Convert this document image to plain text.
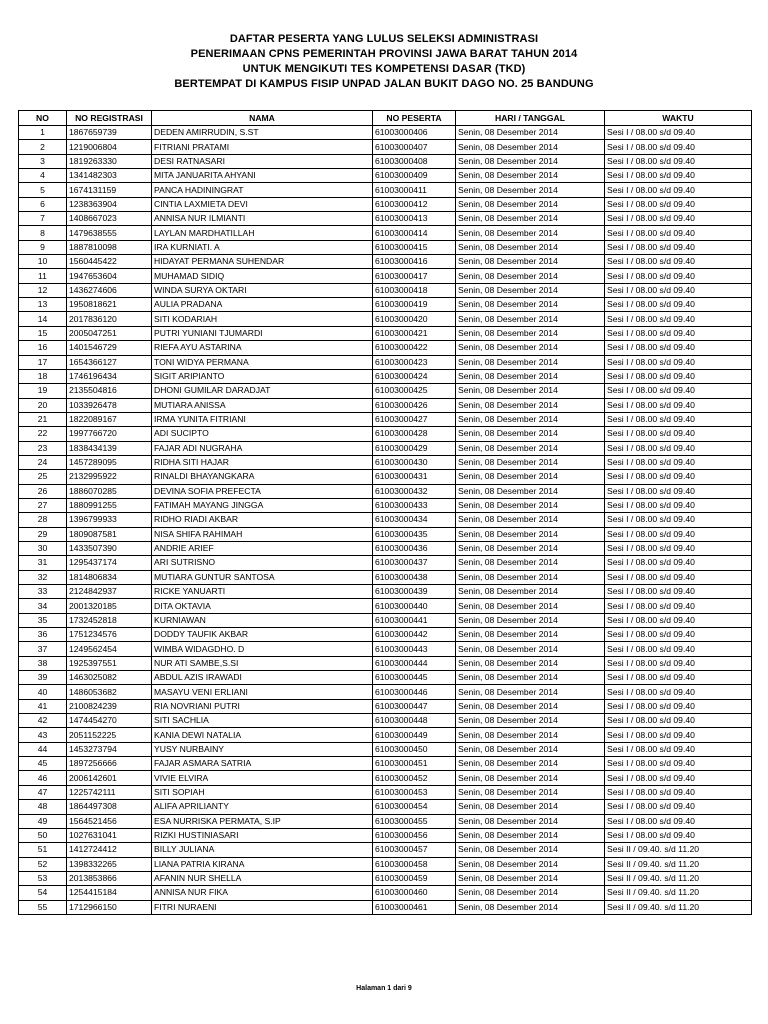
DAFTAR PESERTA YANG LULUS SELEKSI ADMINISTRASI
PENERIMAAN CPNS PEMERINTAH PROVINSI JAWA BARAT TAHUN 2014
UNTUK MENGIKUTI TES KOMPETENSI DASAR (TKD)
BERTEMPAT DI KAMPUS FISIP UNPAD JALAN BUKIT DAGO NO. 25 BANDUNG
NO	NO REGISTRASI	NAMA	NO PESERTA	HARI / TANGGAL	WAKTU
1	1867659739	DEDEN AMIRRUDIN, S.ST	61003000406	Senin, 08 Desember 2014	Sesi I / 08.00 s/d 09.40
2	1219006804	FITRIANI PRATAMI	61003000407	Senin, 08 Desember 2014	Sesi I / 08.00 s/d 09.40
3	1819263330	DESI RATNASARI	61003000408	Senin, 08 Desember 2014	Sesi I / 08.00 s/d 09.40
4	1341482303	MITA JANUARITA AHYANI	61003000409	Senin, 08 Desember 2014	Sesi I / 08.00 s/d 09.40
5	1674131159	PANCA HADININGRAT	61003000411	Senin, 08 Desember 2014	Sesi I / 08.00 s/d 09.40
6	1238363904	CINTIA LAXMIETA DEVI	61003000412	Senin, 08 Desember 2014	Sesi I / 08.00 s/d 09.40
7	1408667023	ANNISA NUR ILMIANTI	61003000413	Senin, 08 Desember 2014	Sesi I / 08.00 s/d 09.40
8	1479638555	LAYLAN MARDHATILLAH	61003000414	Senin, 08 Desember 2014	Sesi I / 08.00 s/d 09.40
9	1887810098	IRA KURNIATI. A	61003000415	Senin, 08 Desember 2014	Sesi I / 08.00 s/d 09.40
10	1560445422	HIDAYAT PERMANA SUHENDAR	61003000416	Senin, 08 Desember 2014	Sesi I / 08.00 s/d 09.40
11	1947653604	MUHAMAD SIDIQ	61003000417	Senin, 08 Desember 2014	Sesi I / 08.00 s/d 09.40
12	1436274606	WINDA SURYA OKTARI	61003000418	Senin, 08 Desember 2014	Sesi I / 08.00 s/d 09.40
13	1950818621	AULIA PRADANA	61003000419	Senin, 08 Desember 2014	Sesi I / 08.00 s/d 09.40
14	2017836120	SITI KODARIAH	61003000420	Senin, 08 Desember 2014	Sesi I / 08.00 s/d 09.40
15	2005047251	PUTRI YUNIANI TJUMARDI	61003000421	Senin, 08 Desember 2014	Sesi I / 08.00 s/d 09.40
16	1401546729	RIEFA AYU ASTARINA	61003000422	Senin, 08 Desember 2014	Sesi I / 08.00 s/d 09.40
17	1654366127	TONI WIDYA PERMANA	61003000423	Senin, 08 Desember 2014	Sesi I / 08.00 s/d 09.40
18	1746196434	SIGIT ARIPIANTO	61003000424	Senin, 08 Desember 2014	Sesi I / 08.00 s/d 09.40
19	2135504816	DHONI GUMILAR DARADJAT	61003000425	Senin, 08 Desember 2014	Sesi I / 08.00 s/d 09.40
20	1033926478	MUTIARA ANISSA	61003000426	Senin, 08 Desember 2014	Sesi I / 08.00 s/d 09.40
21	1822089167	IRMA YUNITA FITRIANI	61003000427	Senin, 08 Desember 2014	Sesi I / 08.00 s/d 09.40
22	1997766720	ADI SUCIPTO	61003000428	Senin, 08 Desember 2014	Sesi I / 08.00 s/d 09.40
23	1838434139	FAJAR ADI NUGRAHA	61003000429	Senin, 08 Desember 2014	Sesi I / 08.00 s/d 09.40
24	1457289095	RIDHA SITI HAJAR	61003000430	Senin, 08 Desember 2014	Sesi I / 08.00 s/d 09.40
25	2132995922	RINALDI BHAYANGKARA	61003000431	Senin, 08 Desember 2014	Sesi I / 08.00 s/d 09.40
26	1886070285	DEVINA SOFIA PREFECTA	61003000432	Senin, 08 Desember 2014	Sesi I / 08.00 s/d 09.40
27	1880991255	FATIMAH MAYANG JINGGA	61003000433	Senin, 08 Desember 2014	Sesi I / 08.00 s/d 09.40
28	1396799933	RIDHO RIADI AKBAR	61003000434	Senin, 08 Desember 2014	Sesi I / 08.00 s/d 09.40
29	1809087581	NISA SHIFA RAHIMAH	61003000435	Senin, 08 Desember 2014	Sesi I / 08.00 s/d 09.40
30	1433507390	ANDRIE ARIEF	61003000436	Senin, 08 Desember 2014	Sesi I / 08.00 s/d 09.40
31	1295437174	ARI SUTRISNO	61003000437	Senin, 08 Desember 2014	Sesi I / 08.00 s/d 09.40
32	1814806834	MUTIARA GUNTUR SANTOSA	61003000438	Senin, 08 Desember 2014	Sesi I / 08.00 s/d 09.40
33	2124842937	RICKE YANUARTI	61003000439	Senin, 08 Desember 2014	Sesi I / 08.00 s/d 09.40
34	2001320185	DITA OKTAVIA	61003000440	Senin, 08 Desember 2014	Sesi I / 08.00 s/d 09.40
35	1732452818	KURNIAWAN	61003000441	Senin, 08 Desember 2014	Sesi I / 08.00 s/d 09.40
36	1751234576	DODDY TAUFIK AKBAR	61003000442	Senin, 08 Desember 2014	Sesi I / 08.00 s/d 09.40
37	1249562454	WIMBA WIDAGDHO. D	61003000443	Senin, 08 Desember 2014	Sesi I / 08.00 s/d 09.40
38	1925397551	NUR ATI SAMBE,S.SI	61003000444	Senin, 08 Desember 2014	Sesi I / 08.00 s/d 09.40
39	1463025082	ABDUL AZIS IRAWADI	61003000445	Senin, 08 Desember 2014	Sesi I / 08.00 s/d 09.40
40	1486053682	MASAYU VENI ERLIANI	61003000446	Senin, 08 Desember 2014	Sesi I / 08.00 s/d 09.40
41	2100824239	RIA NOVRIANI PUTRI	61003000447	Senin, 08 Desember 2014	Sesi I / 08.00 s/d 09.40
42	1474454270	SITI SACHLIA	61003000448	Senin, 08 Desember 2014	Sesi I / 08.00 s/d 09.40
43	2051152225	KANIA DEWI NATALIA	61003000449	Senin, 08 Desember 2014	Sesi I / 08.00 s/d 09.40
44	1453273794	YUSY NURBAINY	61003000450	Senin, 08 Desember 2014	Sesi I / 08.00 s/d 09.40
45	1897256666	FAJAR ASMARA SATRIA	61003000451	Senin, 08 Desember 2014	Sesi I / 08.00 s/d 09.40
46	2006142601	VIVIE ELVIRA	61003000452	Senin, 08 Desember 2014	Sesi I / 08.00 s/d 09.40
47	1225742111	SITI SOPIAH	61003000453	Senin, 08 Desember 2014	Sesi I / 08.00 s/d 09.40
48	1864497308	ALIFA APRILIANTY	61003000454	Senin, 08 Desember 2014	Sesi I / 08.00 s/d 09.40
49	1564521456	ESA NURRISKA PERMATA, S.IP	61003000455	Senin, 08 Desember 2014	Sesi I / 08.00 s/d 09.40
50	1027631041	RIZKI HUSTINIASARI	61003000456	Senin, 08 Desember 2014	Sesi I / 08.00 s/d 09.40
51	1412724412	BILLY JULIANA	61003000457	Senin, 08 Desember 2014	Sesi II / 09.40. s/d 11.20
52	1398332265	LIANA PATRIA KIRANA	61003000458	Senin, 08 Desember 2014	Sesi II / 09.40. s/d 11.20
53	2013853866	AFANIN NUR SHELLA	61003000459	Senin, 08 Desember 2014	Sesi II / 09.40. s/d 11.20
54	1254415184	ANNISA NUR FIKA	61003000460	Senin, 08 Desember 2014	Sesi II / 09.40. s/d 11.20
55	1712966150	FITRI NURAENI	61003000461	Senin, 08 Desember 2014	Sesi II / 09.40. s/d 11.20
Halaman 1 dari 9
